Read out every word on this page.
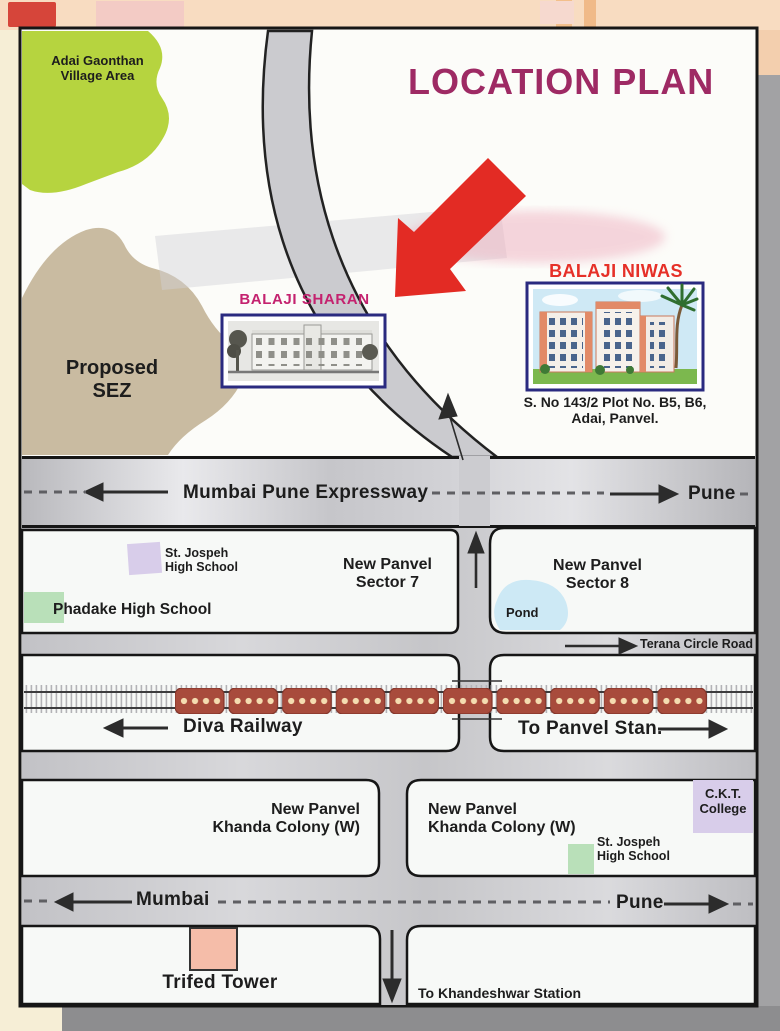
LOCATION PLAN
Adai Gaonthan
Village Area
Proposed
SEZ
BALAJI SHARAN
BALAJI NIWAS
S. No 143/2 Plot No. B5, B6,
Adai, Panvel.
Mumbai Pune Expressway	Pune
St. Jospeh
High School	New Panvel
Sector 7
New Panvel
Sector 8
Phadake High School	Pond
Terana Circle Road
Diva Railway	To Panvel Stan.
New Panvel
Khanda Colony (W)
New Panvel
Khanda Colony (W)
St. Jospeh
High School
C.K.T.
College
Mumbai	Pune
Trifed Tower	To Khandeshwar Station
